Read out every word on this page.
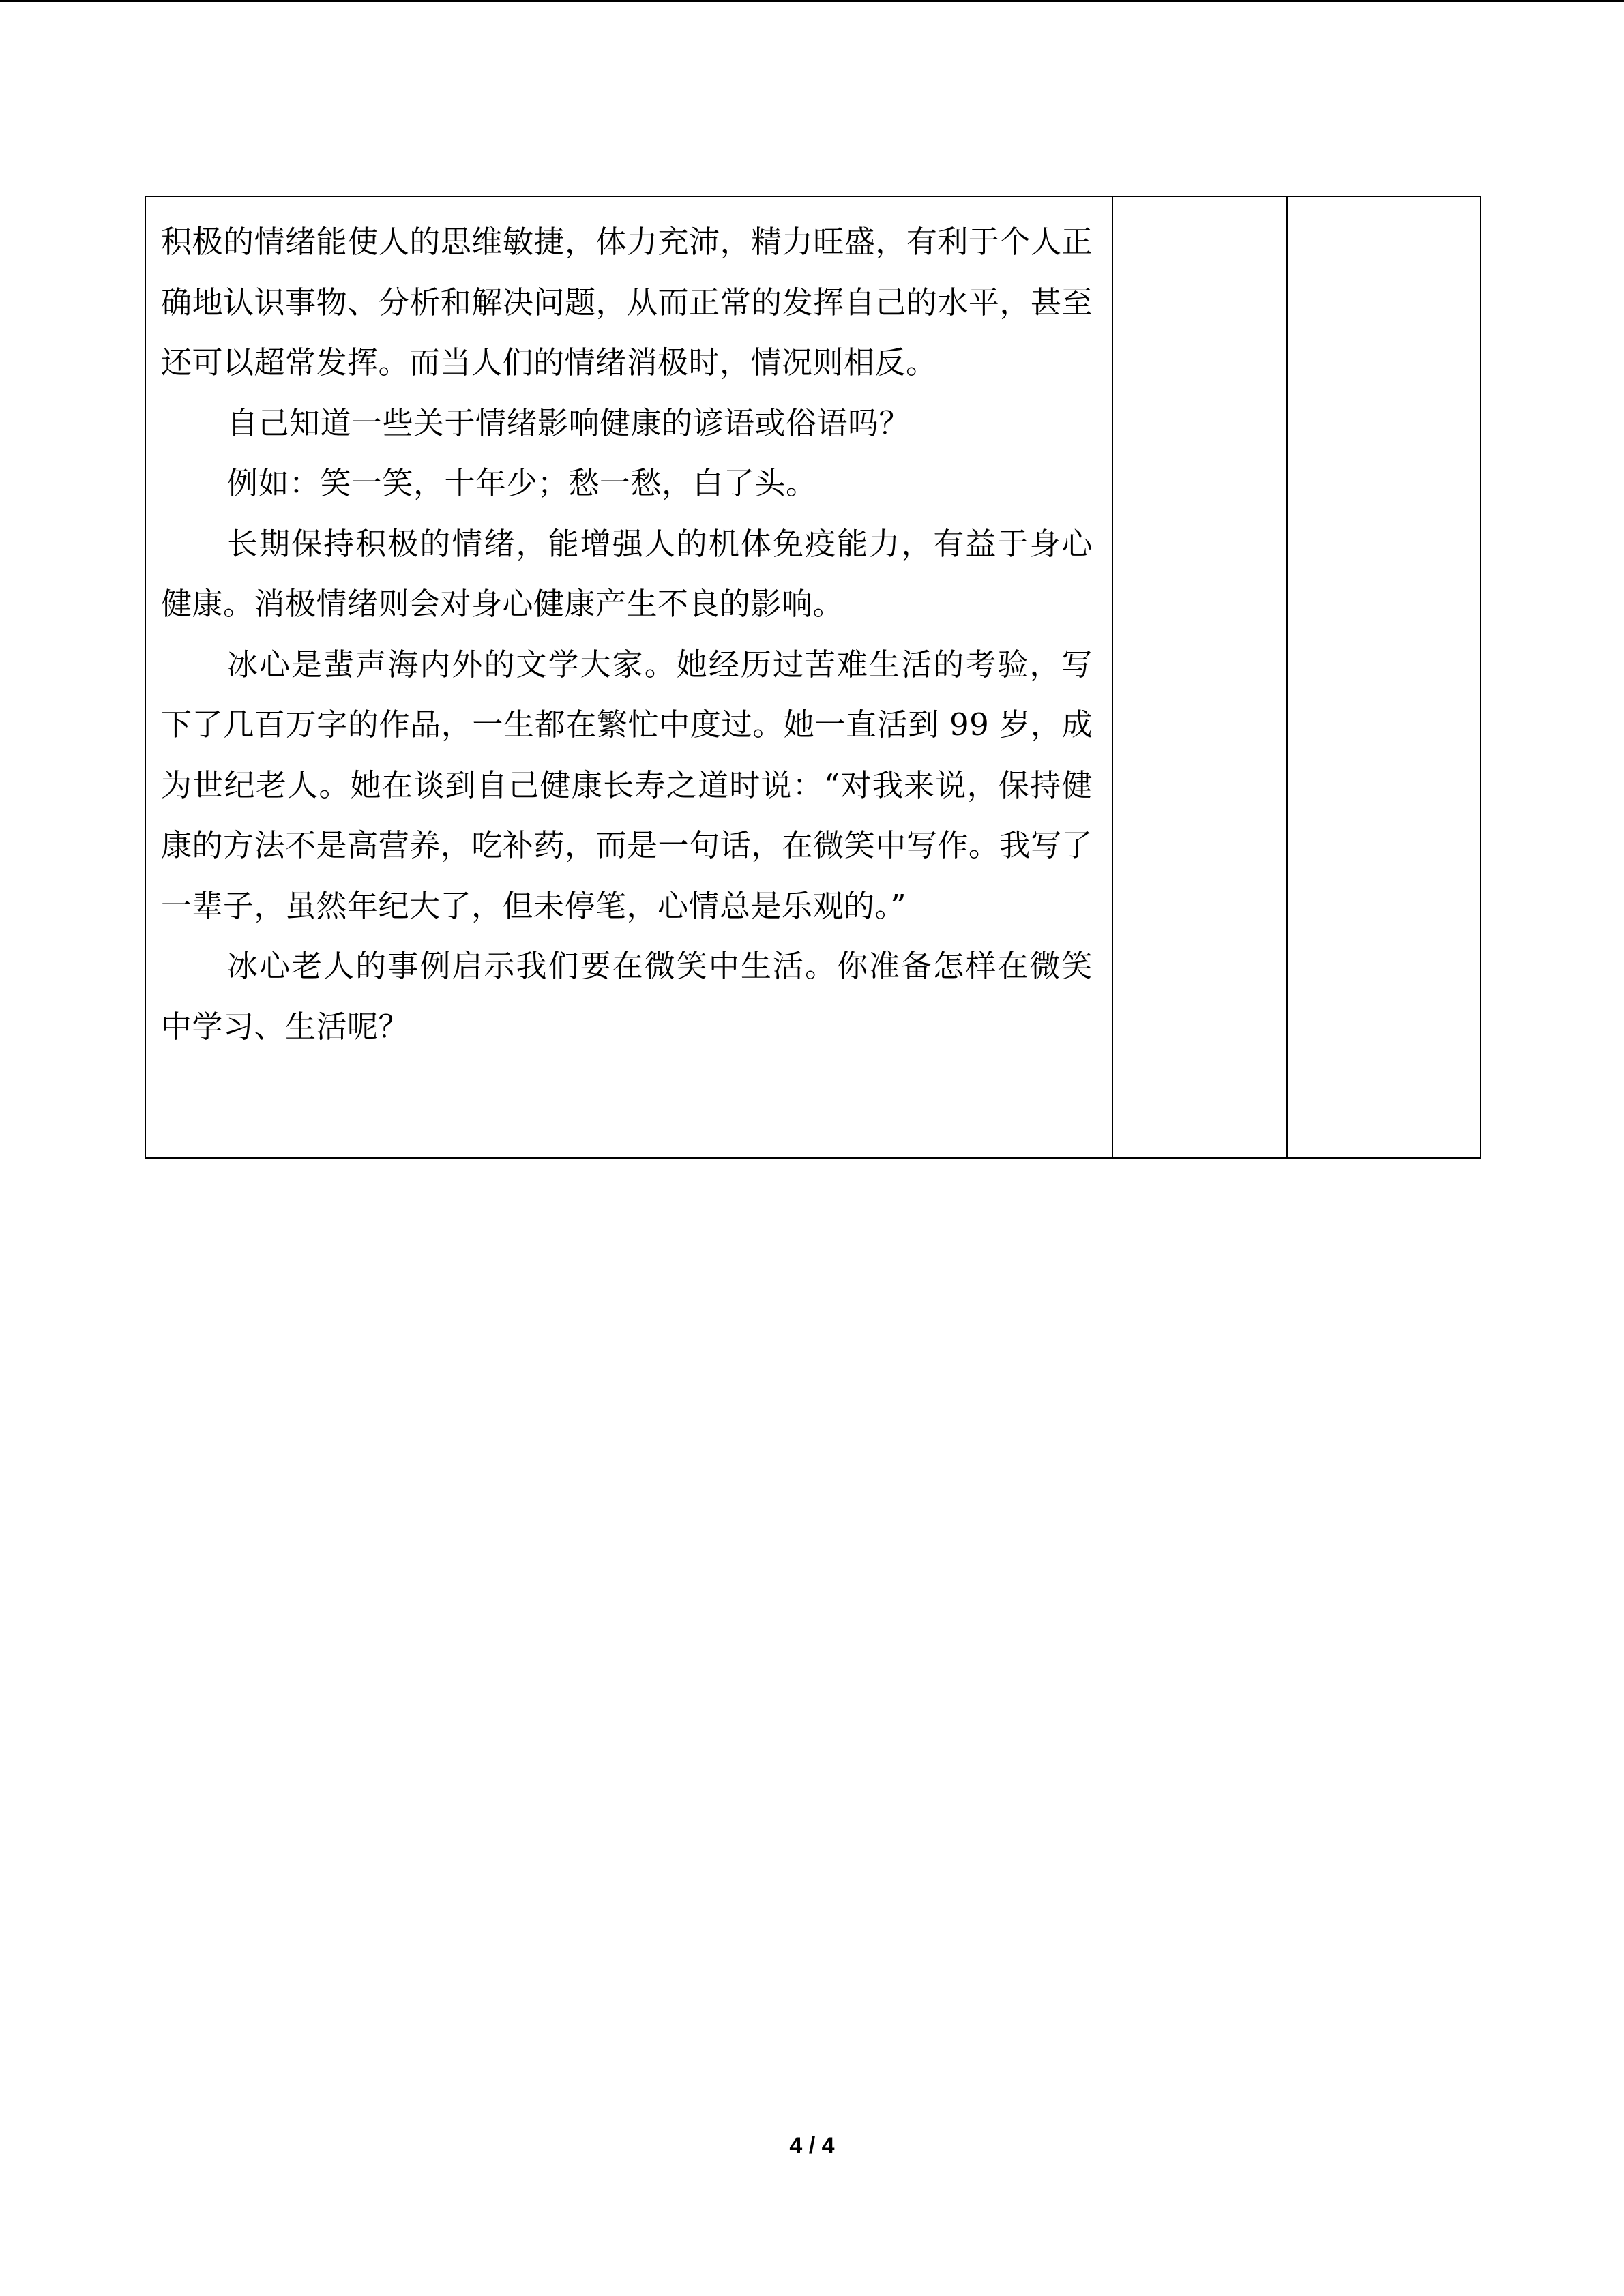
积极的情绪能使人的思维敏捷，体力充沛，精力旺盛，有利于个人正确地认识事物、分析和解决问题，从而正常的发挥自己的水平，甚至还可以超常发挥。而当人们的情绪消极时，情况则相反。

自己知道一些关于情绪影响健康的谚语或俗语吗？

例如：笑一笑，十年少；愁一愁，白了头。

长期保持积极的情绪，能增强人的机体免疫能力，有益于身心健康。消极情绪则会对身心健康产生不良的影响。

冰心是蜚声海内外的文学大家。她经历过苦难生活的考验，写下了几百万字的作品，一生都在繁忙中度过。她一直活到 99 岁，成为世纪老人。她在谈到自己健康长寿之道时说：“对我来说，保持健康的方法不是高营养，吃补药，而是一句话，在微笑中写作。我写了一辈子，虽然年纪大了，但未停笔，心情总是乐观的。”

冰心老人的事例启示我们要在微笑中生活。你准备怎样在微笑中学习、生活呢？

4 / 4
